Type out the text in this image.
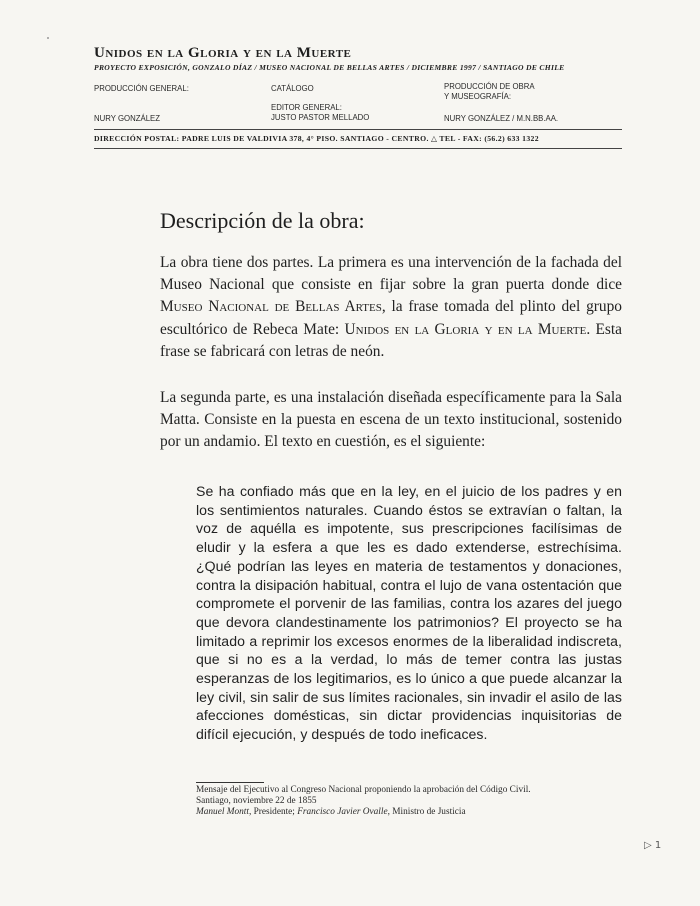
Unidos en la Gloria y en la Muerte
PROYECTO EXPOSICIÓN, GONZALO DÍAZ / MUSEO NACIONAL DE BELLAS ARTES / DICIEMBRE 1997 / SANTIAGO DE CHILE
PRODUCCIÓN GENERAL:
NURY GONZÁLEZ
CATÁLOGO
EDITOR GENERAL:
JUSTO PASTOR MELLADO
PRODUCCIÓN DE OBRA
Y MUSEOGRAFÍA:
NURY GONZÁLEZ / M.N.BB.AA.
DIRECCIÓN POSTAL: PADRE LUIS DE VALDIVIA 378, 4° PISO. SANTIAGO - CENTRO. △ TEL - FAX: (56.2) 633 1322
Descripción de la obra:

La obra tiene dos partes. La primera es una intervención de la fachada del Museo Nacional que consiste en fijar sobre la gran puerta donde dice Museo Nacional de Bellas Artes, la frase tomada del plinto del grupo escultórico de Rebeca Mate: Unidos en la Gloria y en la Muerte. Esta frase se fabricará con letras de neón.

La segunda parte, es una instalación diseñada específicamente para la Sala Matta. Consiste en la puesta en escena de un texto institucional, sostenido por un andamio. El texto en cuestión, es el siguiente:

Se ha confiado más que en la ley, en el juicio de los padres y en los sentimientos naturales. Cuando éstos se extravían o faltan, la voz de aquélla es impotente, sus prescripciones facilísimas de eludir y la esfera a que les es dado extenderse, estrechísima. ¿Qué podrían las leyes en materia de testamentos y donaciones, contra la disipación habitual, contra el lujo de vana ostentación que compromete el porvenir de las familias, contra los azares del juego que devora clandestinamente los patrimonios? El proyecto se ha limitado a reprimir los excesos enormes de la liberalidad indiscreta, que si no es a la verdad, lo más de temer contra las justas esperanzas de los legitimarios, es lo único a que puede alcanzar la ley civil, sin salir de sus límites racionales, sin invadir el asilo de las afecciones domésticas, sin dictar providencias inquisitorias de difícil ejecución, y después de todo ineficaces.

Mensaje del Ejecutivo al Congreso Nacional proponiendo la aprobación del Código Civil.
Santiago, noviembre 22 de 1855
Manuel Montt, Presidente; Francisco Javier Ovalle, Ministro de Justicia
▷ 1
